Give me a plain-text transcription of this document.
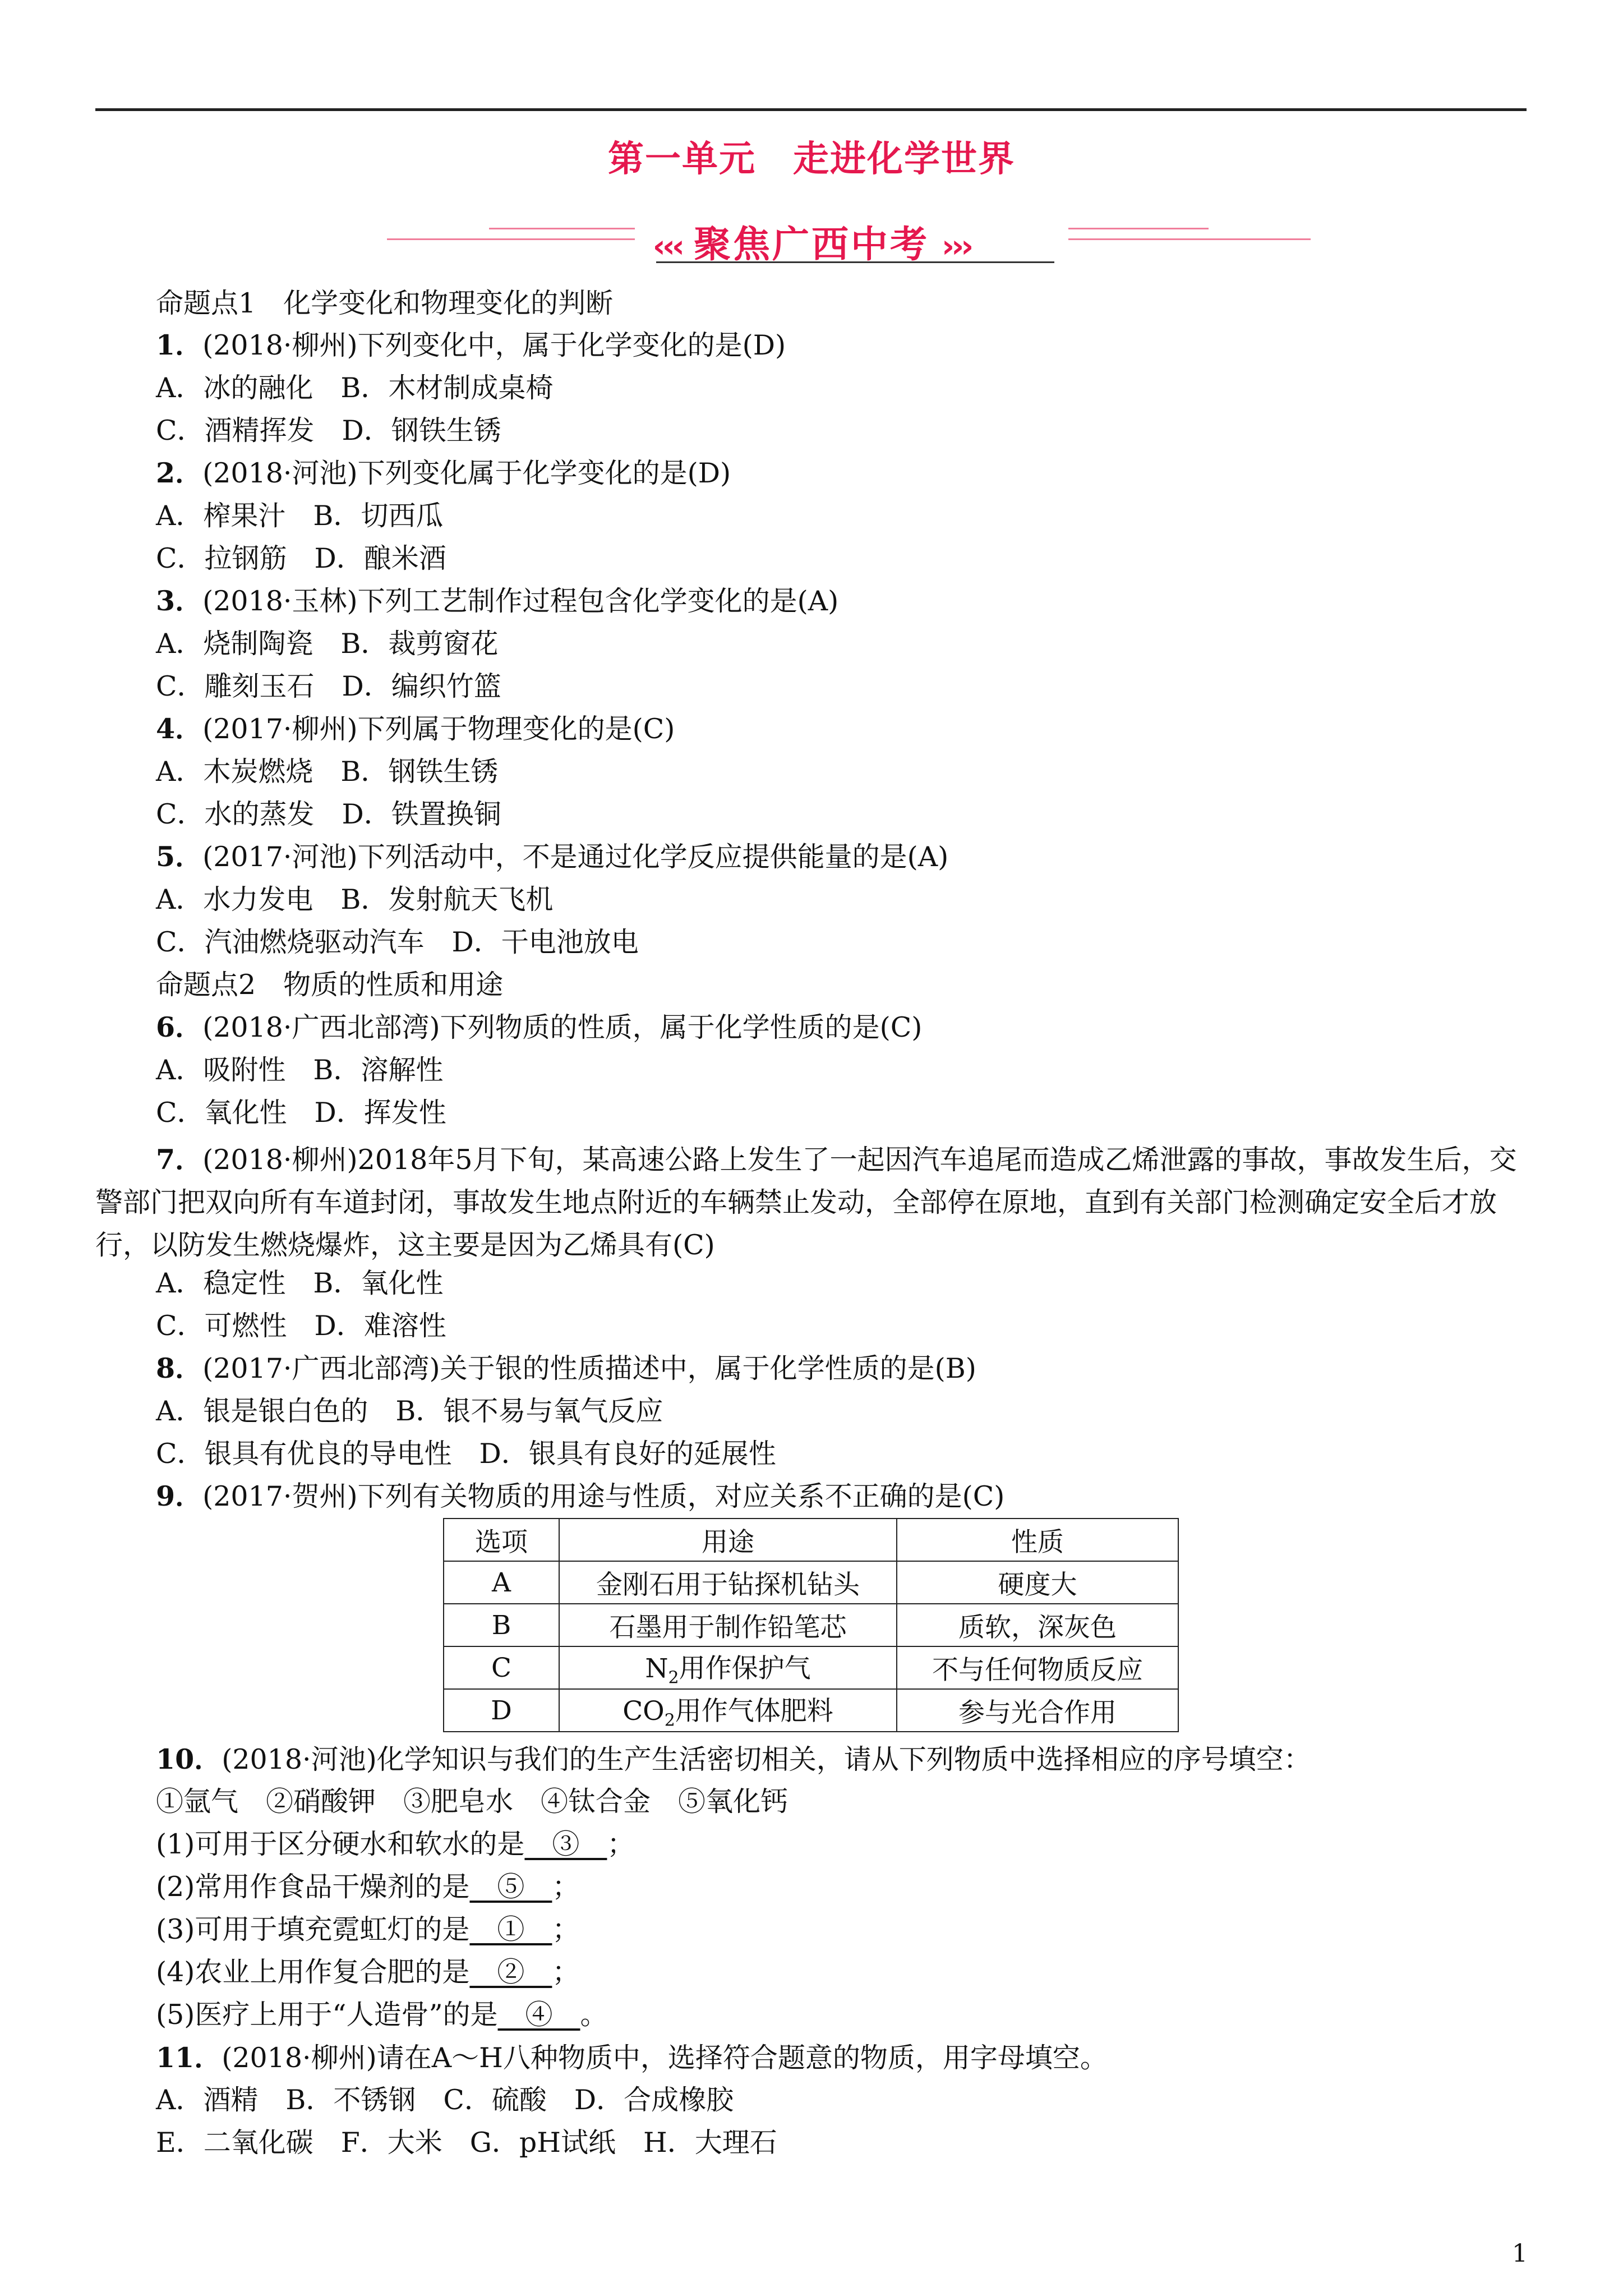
第一单元　走进化学世界
‹‹‹ 聚焦广西中考 ›››
命题点1　化学变化和物理变化的判断
1．(2018·柳州)下列变化中，属于化学变化的是(D)
A．冰的融化　B．木材制成桌椅
C．酒精挥发　D．钢铁生锈
2．(2018·河池)下列变化属于化学变化的是(D)
A．榨果汁　B．切西瓜
C．拉钢筋　D．酿米酒
3．(2018·玉林)下列工艺制作过程包含化学变化的是(A)
A．烧制陶瓷　B．裁剪窗花
C．雕刻玉石　D．编织竹篮
4．(2017·柳州)下列属于物理变化的是(C)
A．木炭燃烧　B．钢铁生锈
C．水的蒸发　D．铁置换铜
5．(2017·河池)下列活动中，不是通过化学反应提供能量的是(A)
A．水力发电　B．发射航天飞机
C．汽油燃烧驱动汽车　D．干电池放电
命题点2　物质的性质和用途
6．(2018·广西北部湾)下列物质的性质，属于化学性质的是(C)
A．吸附性　B．溶解性
C．氧化性　D．挥发性
7．(2018·柳州)2018年5月下旬，某高速公路上发生了一起因汽车追尾而造成乙烯泄露的事故，事故发生后，交警部门把双向所有车道封闭，事故发生地点附近的车辆禁止发动，全部停在原地，直到有关部门检测确定安全后才放行，以防发生燃烧爆炸，这主要是因为乙烯具有(C)
A．稳定性　B．氧化性
C．可燃性　D．难溶性
8．(2017·广西北部湾)关于银的性质描述中，属于化学性质的是(B)
A．银是银白色的　B．银不易与氧气反应
C．银具有优良的导电性　D．银具有良好的延展性
9．(2017·贺州)下列有关物质的用途与性质，对应关系不正确的是(C)
选项	用途	性质
A	金刚石用于钻探机钻头	硬度大
B	石墨用于制作铅笔芯	质软，深灰色
C	$N_2$用作保护气	不与任何物质反应
D	$CO_2$用作气体肥料	参与光合作用
10．(2018·河池)化学知识与我们的生产生活密切相关，请从下列物质中选择相应的序号填空：
①氩气　②硝酸钾　③肥皂水　④钛合金　⑤氧化钙
(1)可用于区分硬水和软水的是　③　；
(2)常用作食品干燥剂的是　⑤　；
(3)可用于填充霓虹灯的是　①　；
(4)农业上用作复合肥的是　②　；
(5)医疗上用于“人造骨”的是　④　。
11．(2018·柳州)请在A～H八种物质中，选择符合题意的物质，用字母填空。
A．酒精　B．不锈钢　C．硫酸　D．合成橡胶
E．二氧化碳　F．大米　G．pH试纸　H．大理石
1
